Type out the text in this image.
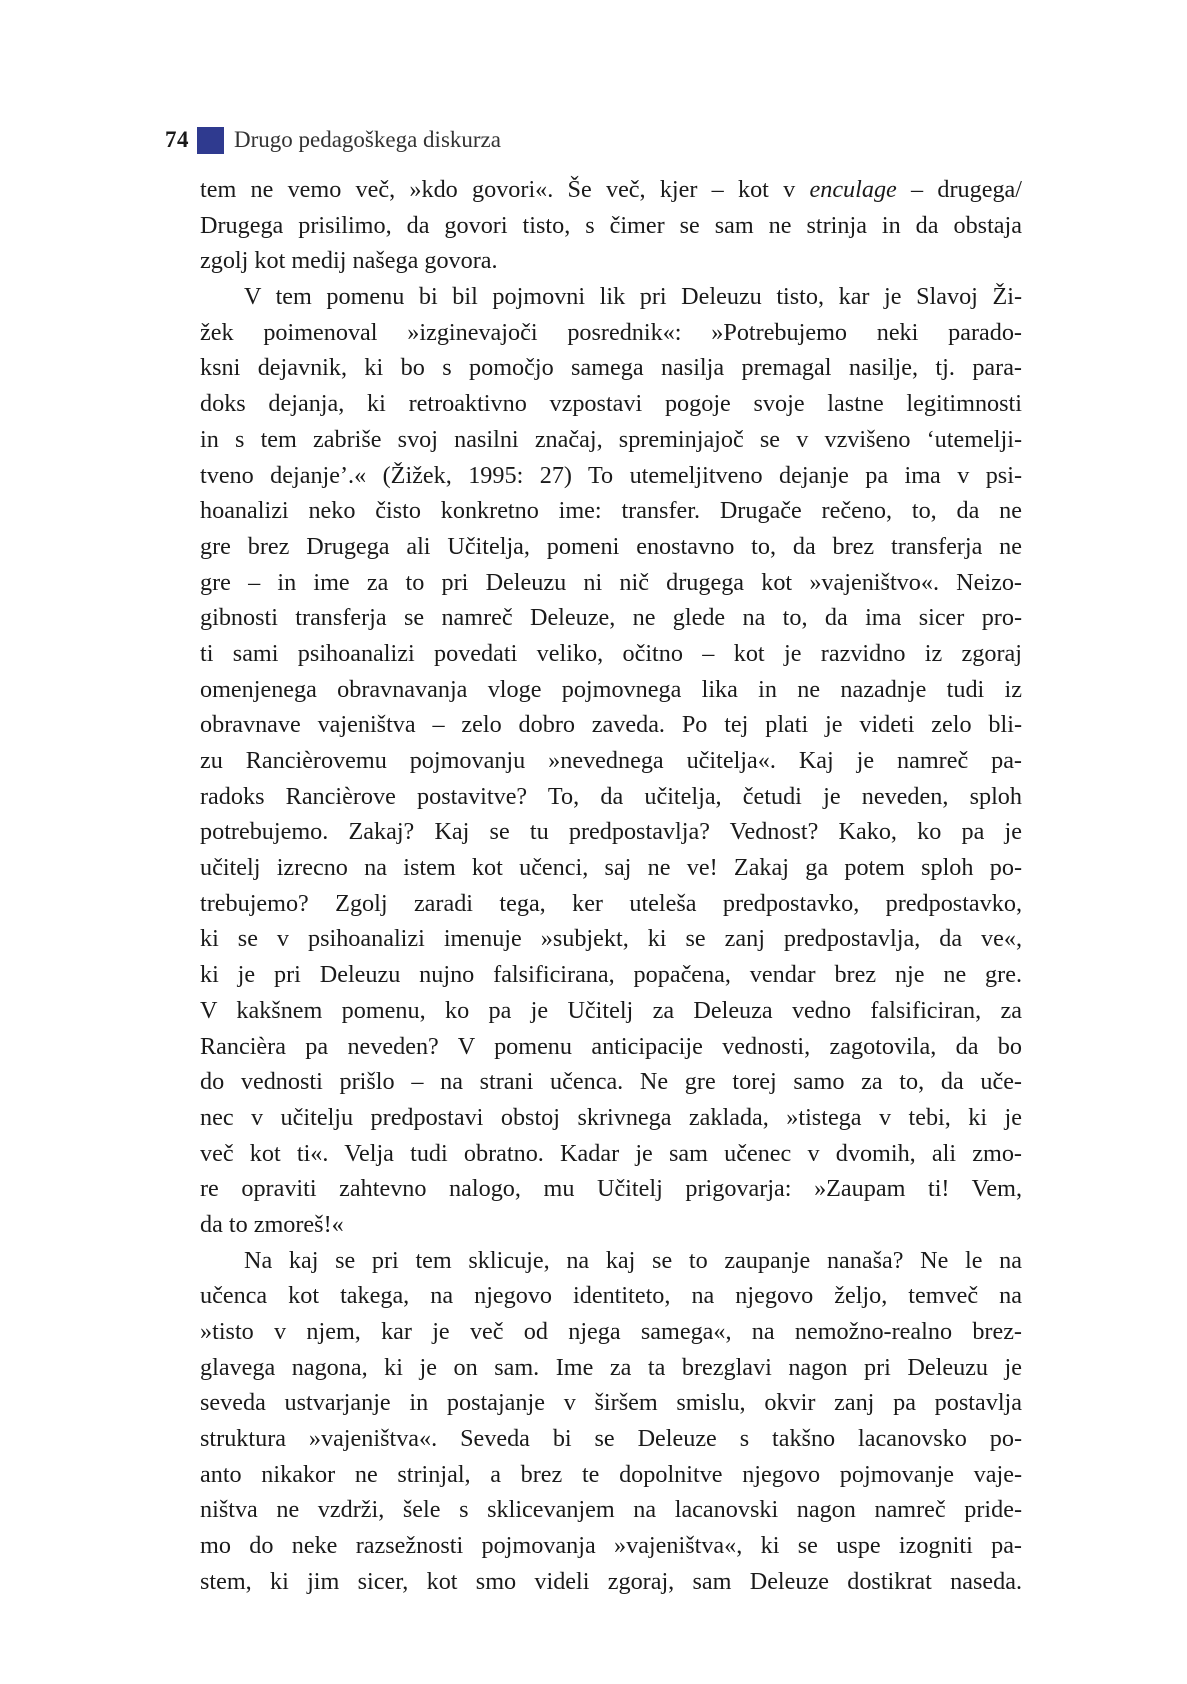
74 Drugo pedagoškega diskurza
tem ne vemo več, »kdo govori«. Še več, kjer – kot v enculage – drugega/
Drugega prisilimo, da govori tisto, s čimer se sam ne strinja in da obstaja
zgolj kot medij našega govora.
V tem pomenu bi bil pojmovni lik pri Deleuzu tisto, kar je Slavoj Ži-
žek poimenoval »izginevajoči posrednik«: »Potrebujemo neki parado-
ksni dejavnik, ki bo s pomočjo samega nasilja premagal nasilje, tj. para-
doks dejanja, ki retroaktivno vzpostavi pogoje svoje lastne legitimnosti
in s tem zabriše svoj nasilni značaj, spreminjajoč se v vzvišeno ‘utemelji-
tveno dejanje’.« (Žižek, 1995: 27) To utemeljitveno dejanje pa ima v psi-
hoanalizi neko čisto konkretno ime: transfer. Drugače rečeno, to, da ne
gre brez Drugega ali Učitelja, pomeni enostavno to, da brez transferja ne
gre – in ime za to pri Deleuzu ni nič drugega kot »vajeništvo«. Neizo-
gibnosti transferja se namreč Deleuze, ne glede na to, da ima sicer pro-
ti sami psihoanalizi povedati veliko, očitno – kot je razvidno iz zgoraj
omenjenega obravnavanja vloge pojmovnega lika in ne nazadnje tudi iz
obravnave vajeništva – zelo dobro zaveda. Po tej plati je videti zelo bli-
zu Rancièrovemu pojmovanju »nevednega učitelja«. Kaj je namreč pa-
radoks Rancièrove postavitve? To, da učitelja, četudi je neveden, sploh
potrebujemo. Zakaj? Kaj se tu predpostavlja? Vednost? Kako, ko pa je
učitelj izrecno na istem kot učenci, saj ne ve! Zakaj ga potem sploh po-
trebujemo? Zgolj zaradi tega, ker uteleša predpostavko, predpostavko,
ki se v psihoanalizi imenuje »subjekt, ki se zanj predpostavlja, da ve«,
ki je pri Deleuzu nujno falsificirana, popačena, vendar brez nje ne gre.
V kakšnem pomenu, ko pa je Učitelj za Deleuza vedno falsificiran, za
Rancièra pa neveden? V pomenu anticipacije vednosti, zagotovila, da bo
do vednosti prišlo – na strani učenca. Ne gre torej samo za to, da uče-
nec v učitelju predpostavi obstoj skrivnega zaklada, »tistega v tebi, ki je
več kot ti«. Velja tudi obratno. Kadar je sam učenec v dvomih, ali zmo-
re opraviti zahtevno nalogo, mu Učitelj prigovarja: »Zaupam ti! Vem,
da to zmoreš!«
Na kaj se pri tem sklicuje, na kaj se to zaupanje nanaša? Ne le na
učenca kot takega, na njegovo identiteto, na njegovo željo, temveč na
»tisto v njem, kar je več od njega samega«, na nemožno-realno brez-
glavega nagona, ki je on sam. Ime za ta brezglavi nagon pri Deleuzu je
seveda ustvarjanje in postajanje v širšem smislu, okvir zanj pa postavlja
struktura »vajeništva«. Seveda bi se Deleuze s takšno lacanovsko po-
anto nikakor ne strinjal, a brez te dopolnitve njegovo pojmovanje vaje-
ništva ne vzdrži, šele s sklicevanjem na lacanovski nagon namreč pride-
mo do neke razsežnosti pojmovanja »vajeništva«, ki se uspe izogniti pa-
stem, ki jim sicer, kot smo videli zgoraj, sam Deleuze dostikrat naseda.
